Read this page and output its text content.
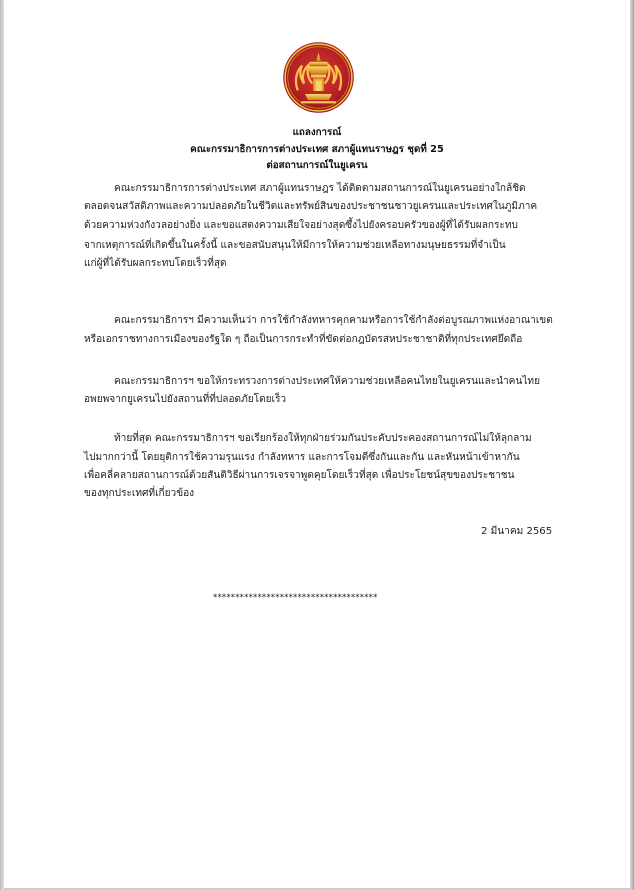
แถลงการณ์
คณะกรรมาธิการการต่างประเทศ สภาผู้แทนราษฎร ชุดที่ 25
ต่อสถานการณ์ในยูเครน
คณะกรรมาธิการการต่างประเทศ สภาผู้แทนราษฎร ได้ติดตามสถานการณ์ในยูเครนอย่างใกล้ชิด
ตลอดจนสวัสดิภาพและความปลอดภัยในชีวิตและทรัพย์สินของประชาชนชาวยูเครนและประเทศในภูมิภาค
ด้วยความห่วงกังวลอย่างยิ่ง และขอแสดงความเสียใจอย่างสุดซึ้งไปยังครอบครัวของผู้ที่ได้รับผลกระทบ
จากเหตุการณ์ที่เกิดขึ้นในครั้งนี้ และขอสนับสนุนให้มีการให้ความช่วยเหลือทางมนุษยธรรมที่จำเป็น
แก่ผู้ที่ได้รับผลกระทบโดยเร็วที่สุด
คณะกรรมาธิการฯ มีความเห็นว่า การใช้กำลังทหารคุกคามหรือการใช้กำลังต่อบูรณภาพแห่งอาณาเขต
หรือเอกราชทางการเมืองของรัฐใด ๆ ถือเป็นการกระทำที่ขัดต่อกฎบัตรสหประชาชาติที่ทุกประเทศยึดถือ
คณะกรรมาธิการฯ ขอให้กระทรวงการต่างประเทศให้ความช่วยเหลือคนไทยในยูเครนและนำคนไทย
อพยพจากยูเครนไปยังสถานที่ที่ปลอดภัยโดยเร็ว
ท้ายที่สุด คณะกรรมาธิการฯ ขอเรียกร้องให้ทุกฝ่ายร่วมกันประคับประคองสถานการณ์ไม่ให้ลุกลาม
ไปมากกว่านี้ โดยยุติการใช้ความรุนแรง กำลังทหาร และการโจมตีซึ่งกันและกัน และหันหน้าเข้าหากัน
เพื่อคลี่คลายสถานการณ์ด้วยสันติวิธีผ่านการเจรจาพูดคุยโดยเร็วที่สุด เพื่อประโยชน์สุขของประชาชน
ของทุกประเทศที่เกี่ยวข้อง
2 มีนาคม 2565
*************************************
